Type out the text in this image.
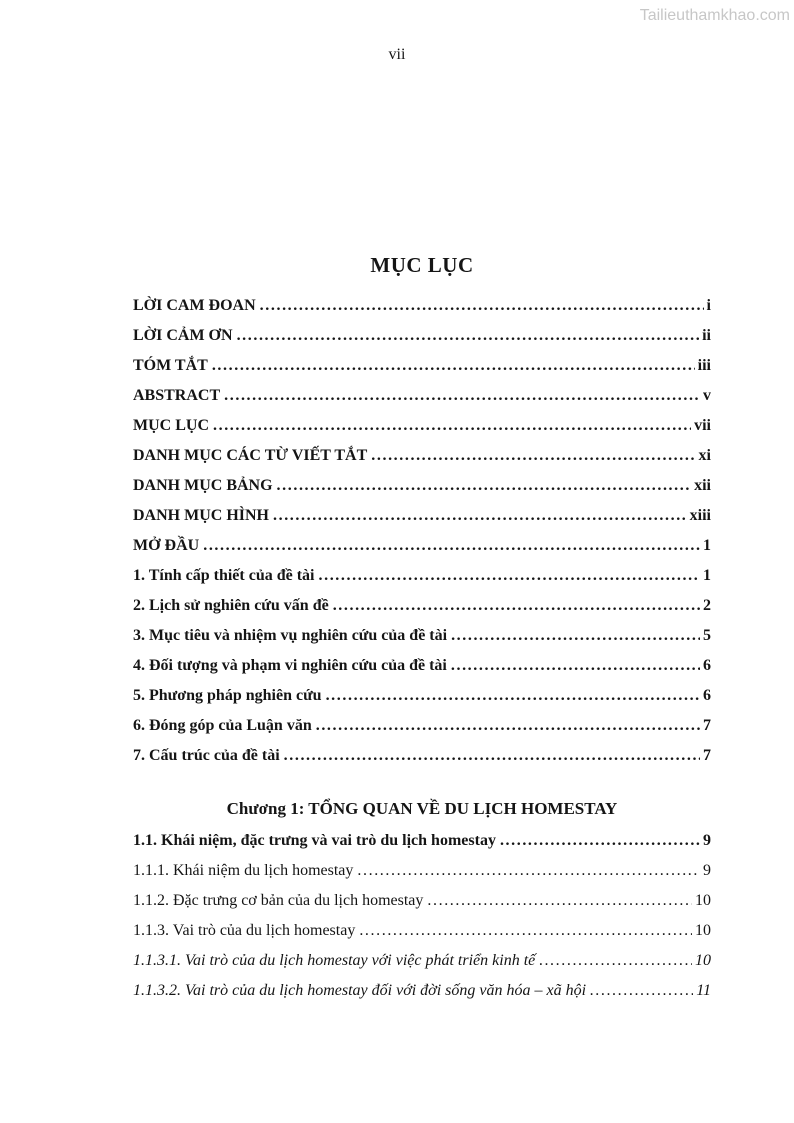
Tailieuthamkhao.com
vii
MỤC LỤC
LỜI CAM ĐOAN .....	i
LỜI CẢM ƠN .....	ii
TÓM TẮT .....	iii
ABSTRACT .....	v
MỤC LỤC .....	vii
DANH MỤC CÁC TỪ VIẾT TẮT .....	xi
DANH MỤC BẢNG .....	xii
DANH MỤC HÌNH .....	xiii
MỞ ĐẦU .....	1
1. Tính cấp thiết của đề tài .....	1
2. Lịch sử nghiên cứu vấn đề .....	2
3. Mục tiêu và nhiệm vụ nghiên cứu của đề tài .....	5
4. Đối tượng và phạm vi nghiên cứu của đề tài .....	6
5. Phương pháp nghiên cứu .....	6
6. Đóng góp của Luận văn .....	7
7. Cấu trúc của đề tài .....	7
Chương 1: TỔNG QUAN VỀ DU LỊCH HOMESTAY
1.1. Khái niệm, đặc trưng và vai trò du lịch homestay .....	9
1.1.1. Khái niệm du lịch homestay .....	9
1.1.2. Đặc trưng cơ bản của du lịch homestay .....	10
1.1.3. Vai trò của du lịch homestay .....	10
1.1.3.1. Vai trò của du lịch homestay với việc phát triển kinh tế .....	10
1.1.3.2. Vai trò của du lịch homestay đối với đời sống văn hóa – xã hội .....	11
